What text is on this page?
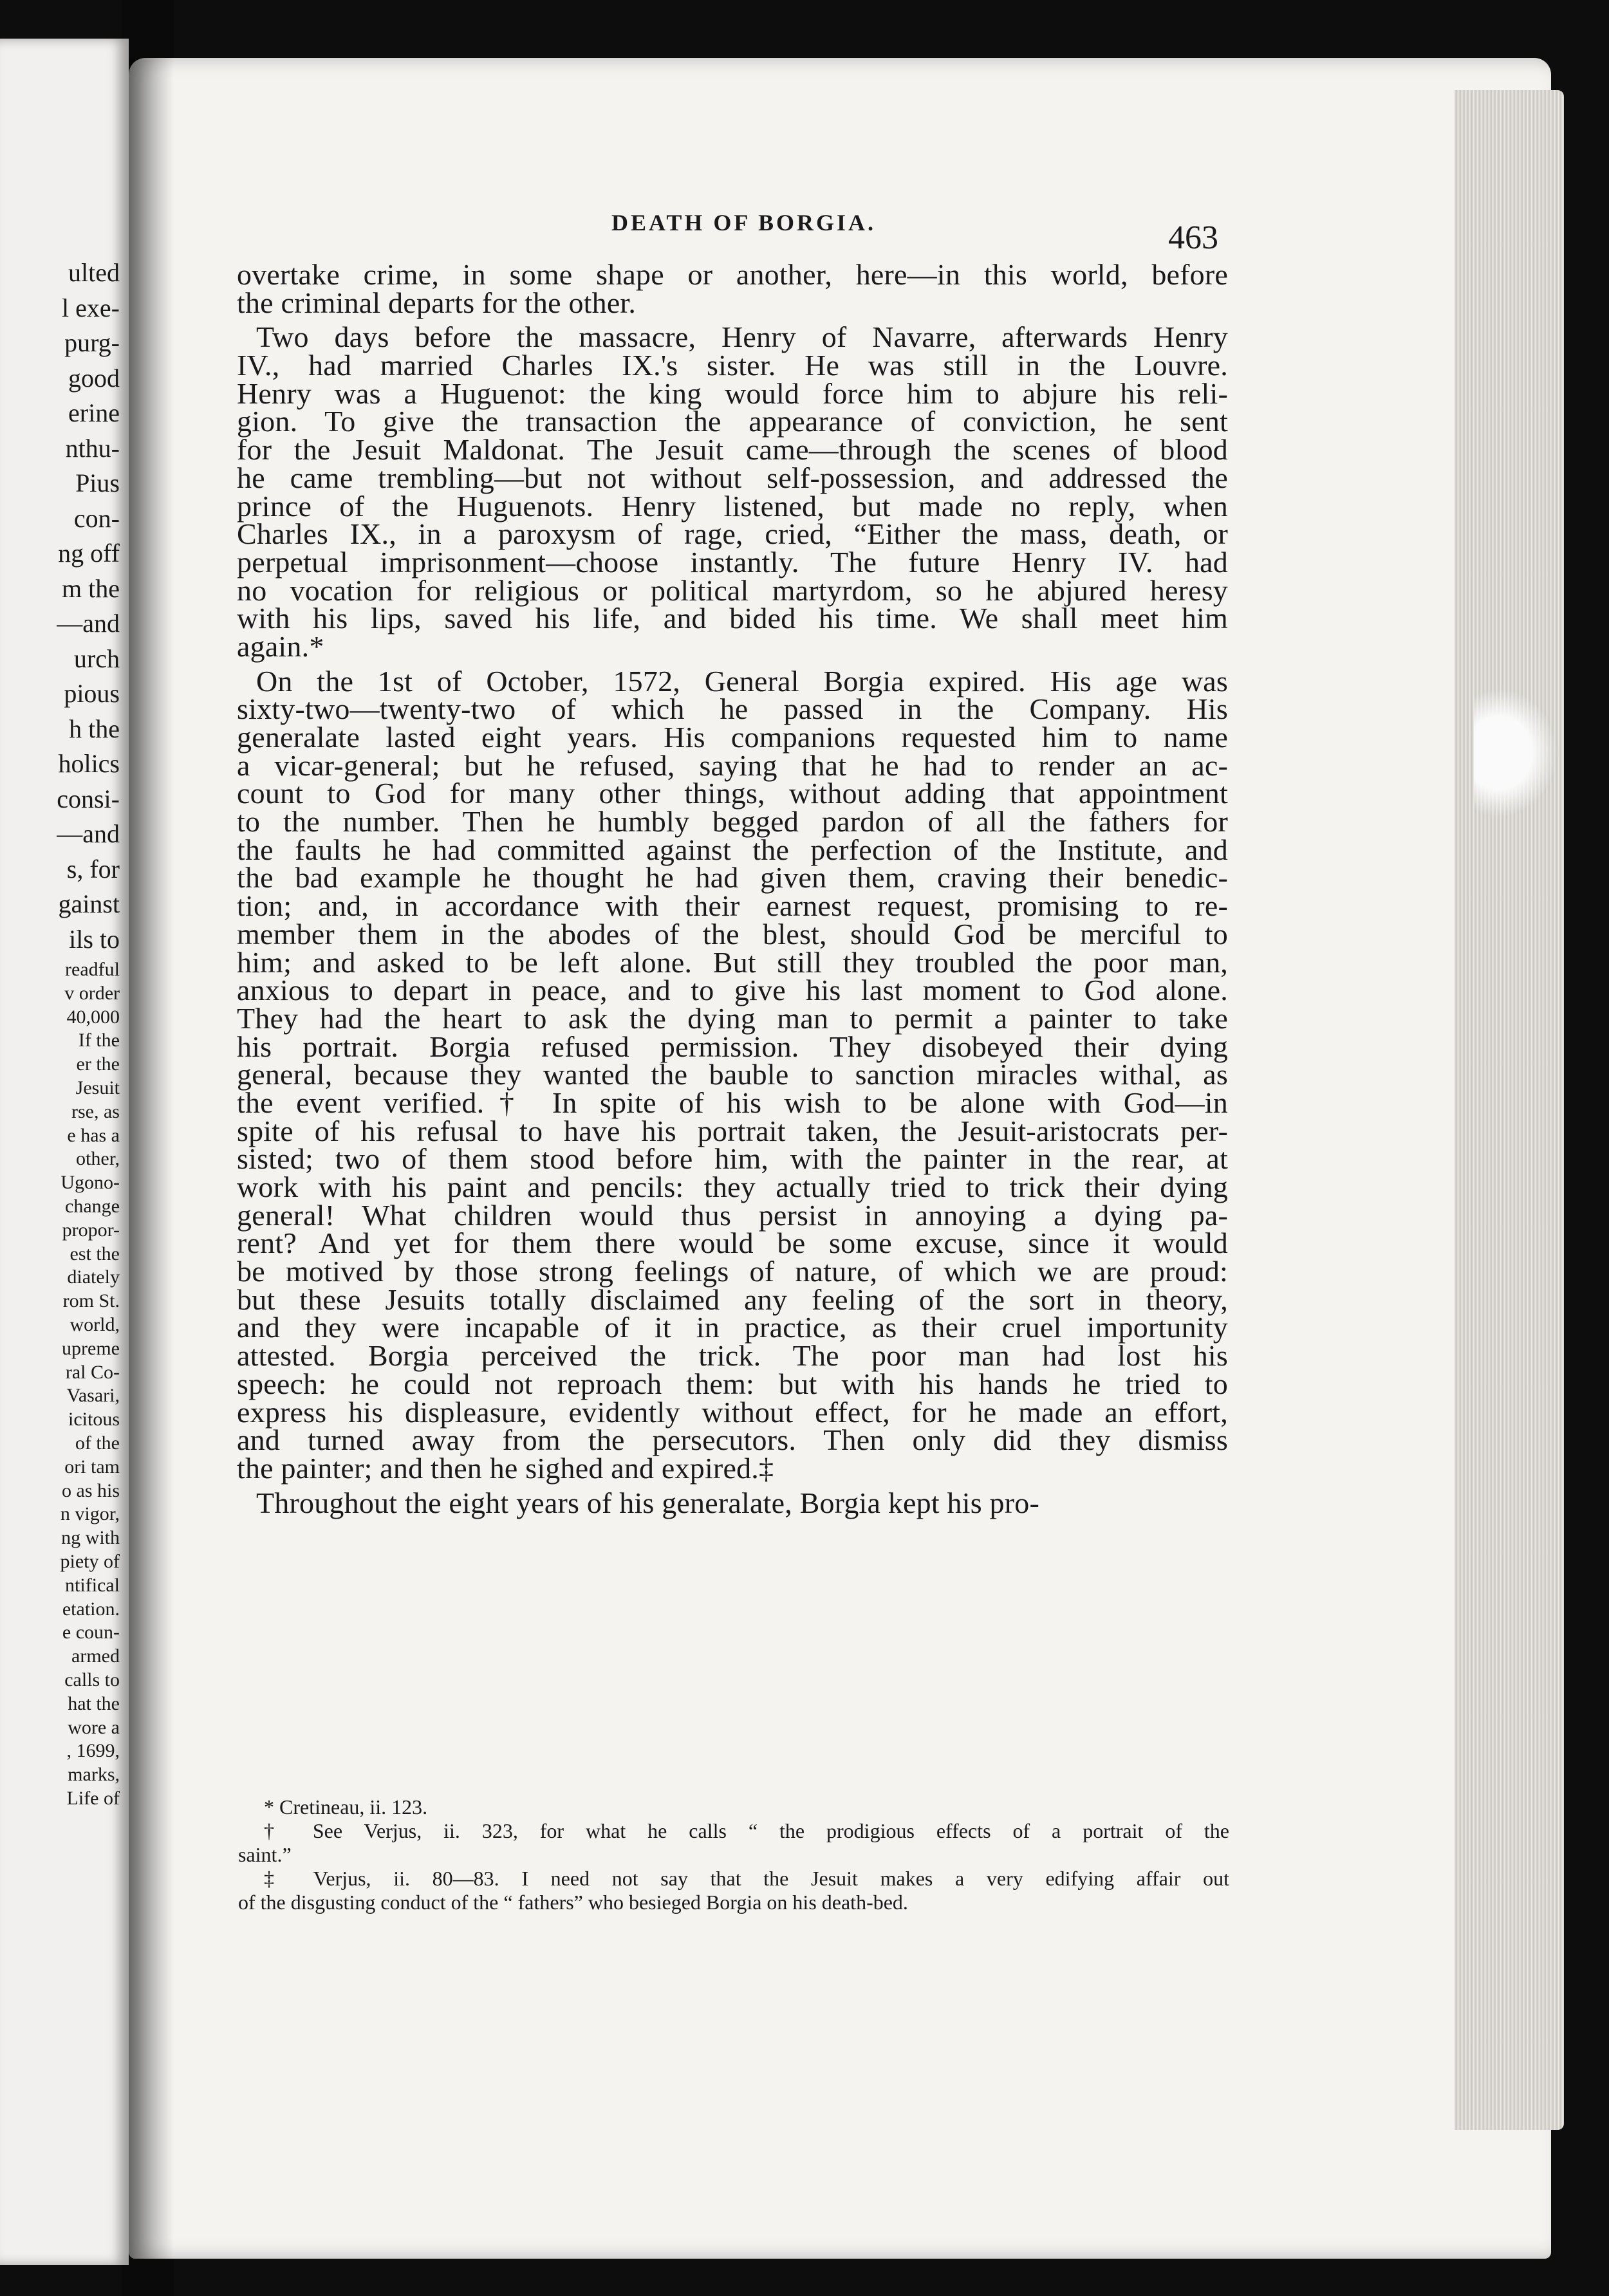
ulted
l exe-
purg-
good
erine
nthu-
Pius
con-
ng off
m the
—and
urch
pious
h the
holics
consi-
—and
s, for
gainst
ils to
readful
v order
40,000
If the
er the
Jesuit
rse, as
e has a
other,
Ugono-
change
propor-
est the
diately
rom St.
world,
upreme
ral Co-
Vasari,
icitous
of the
ori tam
o as his
n vigor,
ng with
piety of
ntifical
etation.
e coun-
armed
calls to
hat the
wore a
, 1699,
marks,
Life of
DEATH OF BORGIA.	463
overtake crime, in some shape or another, here—in this world, before
the criminal departs for the other.
Two days before the massacre, Henry of Navarre, afterwards Henry
IV., had married Charles IX.'s sister. He was still in the Louvre.
Henry was a Huguenot: the king would force him to abjure his reli-
gion. To give the transaction the appearance of conviction, he sent
for the Jesuit Maldonat. The Jesuit came—through the scenes of blood
he came trembling—but not without self-possession, and addressed the
prince of the Huguenots. Henry listened, but made no reply, when
Charles IX., in a paroxysm of rage, cried, “Either the mass, death, or
perpetual imprisonment—choose instantly. The future Henry IV. had
no vocation for religious or political martyrdom, so he abjured heresy
with his lips, saved his life, and bided his time. We shall meet him
again.*
On the 1st of October, 1572, General Borgia expired. His age was
sixty-two—twenty-two of which he passed in the Company. His
generalate lasted eight years. His companions requested him to name
a vicar-general; but he refused, saying that he had to render an ac-
count to God for many other things, without adding that appointment
to the number. Then he humbly begged pardon of all the fathers for
the faults he had committed against the perfection of the Institute, and
the bad example he thought he had given them, craving their benedic-
tion; and, in accordance with their earnest request, promising to re-
member them in the abodes of the blest, should God be merciful to
him; and asked to be left alone. But still they troubled the poor man,
anxious to depart in peace, and to give his last moment to God alone.
They had the heart to ask the dying man to permit a painter to take
his portrait. Borgia refused permission. They disobeyed their dying
general, because they wanted the bauble to sanction miracles withal, as
the event verified.† In spite of his wish to be alone with God—in
spite of his refusal to have his portrait taken, the Jesuit-aristocrats per-
sisted; two of them stood before him, with the painter in the rear, at
work with his paint and pencils: they actually tried to trick their dying
general! What children would thus persist in annoying a dying pa-
rent? And yet for them there would be some excuse, since it would
be motived by those strong feelings of nature, of which we are proud:
but these Jesuits totally disclaimed any feeling of the sort in theory,
and they were incapable of it in practice, as their cruel importunity
attested. Borgia perceived the trick. The poor man had lost his
speech: he could not reproach them: but with his hands he tried to
express his displeasure, evidently without effect, for he made an effort,
and turned away from the persecutors. Then only did they dismiss
the painter; and then he sighed and expired.‡
Throughout the eight years of his generalate, Borgia kept his pro-
* Cretineau, ii. 123.
† See Verjus, ii. 323, for what he calls “ the prodigious effects of a portrait of the
saint.”
‡ Verjus, ii. 80—83. I need not say that the Jesuit makes a very edifying affair out
of the disgusting conduct of the “ fathers” who besieged Borgia on his death-bed.
